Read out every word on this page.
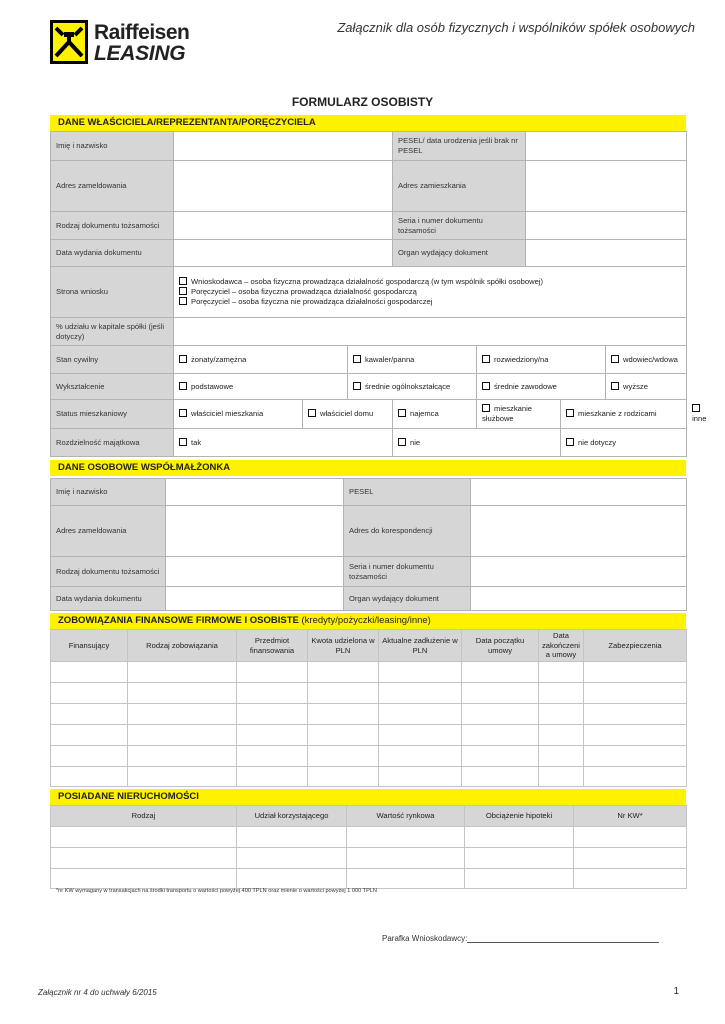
Raiffeisen
LEASING
Załącznik dla osób fizycznych i wspólników spółek osobowych
FORMULARZ OSOBISTY
DANE WŁAŚCICIELA/REPREZENTANTA/PORĘCZYCIELA
Imię i nazwisko				PESEL/ data urodzenia jeśli brak nr PESEL					
Adres zameldowania				Adres zamieszkania					
Rodzaj dokumentu tożsamości				Seria i numer dokumentu tożsamości					
Data wydania dokumentu				Organ wydający dokument					
Strona wniosku	Wnioskodawca – osoba fizyczna prowadząca działalność gospodarczą (w tym wspólnik spółki osobowej)
Poręczyciel – osoba fizyczna prowadząca działalność gospodarczą
Poręczyciel – osoba fizyczna nie prowadząca działalności gospodarczej								

% udziału w kapitale spółki (jeśli dotyczy)									
Stan cywilny	żonaty/zamężna		kawaler/panna		rozwiedziony/na			wdowiec/wdowa	
Wykształcenie	podstawowe		średnie ogólnokształcące		średnie zawodowe			wyższe	
Status mieszkaniowy	właściciel mieszkania	właściciel domu		najemca	mieszkanie służbowe		mieszkanie z rodzicami		inne
Rozdzielność majątkowa	tak			nie			nie dotyczy		
DANE OSOBOWE WSPÓŁMAŁŻONKA
Imię i nazwisko		PESEL	
Adres zameldowania		Adres do korespondencji	
Rodzaj dokumentu tożsamości		Seria i numer dokumentu tożsamości	
Data wydania dokumentu		Organ wydający dokument	
ZOBOWIĄZANIA FINANSOWE FIRMOWE I OSOBISTE (kredyty/pożyczki/leasing/inne)
Finansujący	Rodzaj zobowiązania	Przedmiot finansowania	Kwota udzielona w PLN	Aktualne zadłużenie w PLN	Data początku umowy	Data zakończeni a umowy	Zabezpieczenia

POSIADANE NIERUCHOMOŚCI
Rodzaj	Udział korzystającego	Wartość rynkowa	Obciążenie hipoteki	Nr KW*

*nr KW wymagany w transakcjach na środki transportu o wartości powyżej 400 TPLN oraz mienie o wartości powyżej 1 000 TPLN
Parafka Wnioskodawcy:
Załącznik nr 4 do uchwały 6/2015	1
